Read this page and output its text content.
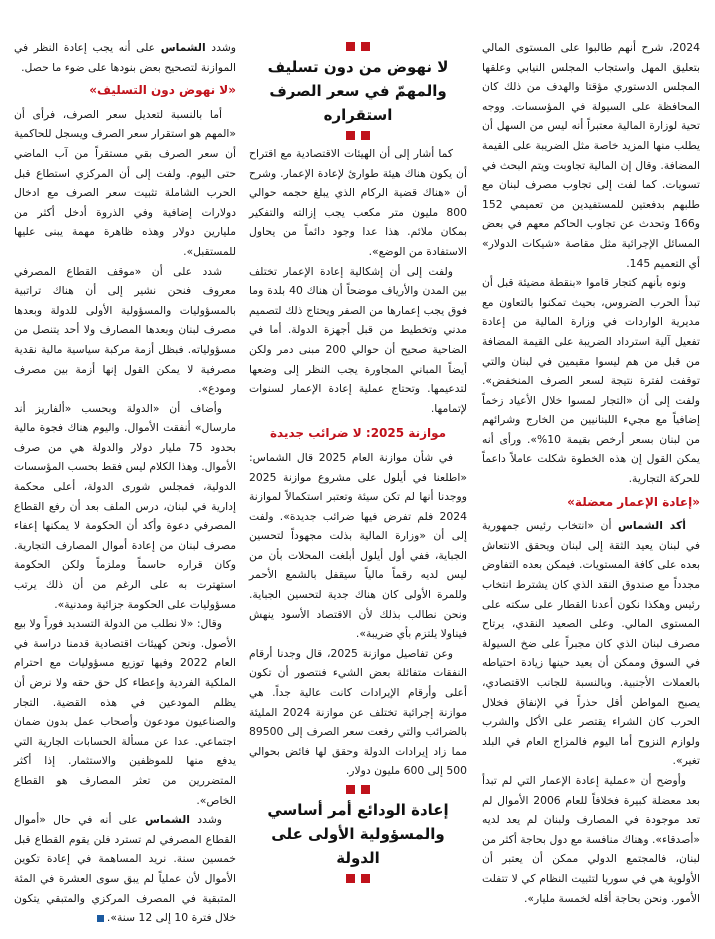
2024، شرح أنهم طالبوا على المستوى المالي بتعليق المهل واستجاب المجلس النيابي وعلقها المجلس الدستوري مؤقتا والهدف من ذلك كان المحافظة على السيولة في المؤسسات. ووجه تحية لوزارة المالية معتبراً أنه ليس من السهل أن يطلب منها المزيد خاصة مثل الضريبة على القيمة المضافة. وقال إن المالية تجاوبت ويتم البحث في تسويات. كما لفت إلى تجاوب مصرف لبنان مع طلبهم بدفعتين للمستفيدين من تعميمي 152 و166 وتحدث عن تجاوب الحاكم معهم في بعض المسائل الإجرائية مثل مقاصة «شيكات الدولار» أي التعميم 145.

ونوه بأنهم كتجار قاموا «بنقطة مضيئة قبل أن تبدأ الحرب الضروس، بحيث تمكنوا بالتعاون مع مديرية الواردات في وزارة المالية من إعادة تفعيل آلية استرداد الضريبة على القيمة المضافة من قبل من هم ليسوا مقيمين في لبنان والتي توقفت لفترة نتيجة لسعر الصرف المنخفض». ولفت إلى أن «التجار لمسوا خلال الأعياد زخماً إضافياً مع مجيء اللبنانيين من الخارج وشرائهم من لبنان بسعر أرخص بقيمة 10%». ورأى أنه يمكن القول إن هذه الخطوة شكلت عاملاً داعماً للحركة التجارية.

«إعادة الإعمار معضلة»

أكد الشماس أن «انتخاب رئيس جمهورية في لبنان يعيد الثقة إلى لبنان ويحقق الانتعاش بعده على كافة المستويات. فيمكن بعده التفاوض مجدداً مع صندوق النقد الذي كان يشترط انتخاب رئيس وهكذا نكون أعدنا القطار على سكته على المستوى المالي. وعلى الصعيد النقدي، يرتاح مصرف لبنان الذي كان مجبراً على ضخ السيولة في السوق وممكن أن يعيد حينها زيادة احتياطه بالعملات الأجنبية. وبالنسبة للجانب الاقتصادي، يصبح المواطن أقل حذراً في الإنفاق فخلال الحرب كان الشراء يقتصر على الأكل والشرب ولوازم النزوح أما اليوم فالمزاج العام في البلد تغير».

وأوضح أن «عملية إعادة الإعمار التي لم تبدأ بعد معضلة كبيرة فخلافاً للعام 2006 الأموال لم تعد موجودة في المصارف ولبنان لم يعد لديه «أصدقاء». وهناك منافسة مع دول بحاجة أكثر من لبنان، فالمجتمع الدولي ممكن أن يعتبر أن الأولوية هي في سوريا لتثبيت النظام كي لا تتفلت الأمور. ونحن بحاجة أقله لخمسة مليار».

لا نهوض من دون تسليف
والمهمّ في سعر الصرف استقراره

كما أشار إلى أن الهيئات الاقتصادية مع اقتراح أن يكون هناك هيئة طوارئ لإعادة الإعمار. وشرح أن «هناك قضية الركام الذي يبلغ حجمه حوالي 800 مليون متر مكعب يجب إزالته والتفكير بمكان ملائم. هذا عدا وجود دائماً من يحاول الاستفادة من الوضع».

ولفت إلى أن إشكالية إعادة الإعمار تختلف بين المدن والأرياف موضحاً أن هناك 40 بلدة وما فوق يجب إعمارها من الصفر ويحتاج ذلك لتصميم مدني وتخطيط من قبل أجهزة الدولة. أما في الضاحية صحيح أن حوالي 200 مبنى دمر ولكن أيضاً المباني المجاورة يجب النظر إلى وضعها لتدعيمها. وتحتاج عملية إعادة الإعمار لسنوات لإتمامها.

موازنة 2025: لا ضرائب جديدة

في شأن موازنة العام 2025 قال الشماس: «اطلعنا في أيلول على مشروع موازنة 2025 ووجدنا أنها لم تكن سيئة وتعتبر استكمالاً لموازنة 2024 فلم تفرض فيها ضرائب جديدة». ولفت إلى أن «وزارة المالية بذلت مجهوداً لتحسين الجباية، ففي أول أيلول أبلغت المحلات بأن من ليس لديه رقماً مالياً سيقفل بالشمع الأحمر وللمرة الأولى كان هناك جدية لتحسين الجباية. ونحن نطالب بذلك لأن الاقتصاد الأسود ينهش فيناولا يلتزم بأي ضريبة».

وعن تفاصيل موازنة 2025، قال وجدنا أرقام النفقات متفائلة بعض الشيء فنتصور أن تكون أعلى وأرقام الإيرادات كانت عالية جداً. هي موازنة إجرائية تختلف عن موازنة 2024 المليئة بالضرائب والتي رفعت سعر الصرف إلى 89500 مما زاد إيرادات الدولة وحقق لها فائض بحوالي 500 إلى 600 مليون دولار.

إعادة الودائع أمر أساسي
والمسؤولية الأولى على الدولة

وشدد الشماس على أنه يجب إعادة النظر في الموازنة لتصحيح بعض بنودها على ضوء ما حصل.

«لا نهوض دون التسليف»

أما بالنسبة لتعديل سعر الصرف، فرأى أن «المهم هو استقرار سعر الصرف ويسجل للحاكمية أن سعر الصرف بقي مستقراً من آب الماضي حتى اليوم. ولفت إلى أن المركزي استطاع قبل الحرب الشاملة تثبيت سعر الصرف مع ادخال دولارات إضافية وفي الذروة أدخل أكثر من مليارين دولار وهذه ظاهرة مهمة يبنى عليها للمستقبل».

شدد على أن «موقف القطاع المصرفي معروف فنحن نشير إلى أن هناك تراتبية بالمسؤوليات والمسؤولية الأولى للدولة وبعدها مصرف لبنان وبعدها المصارف ولا أحد يتنصل من مسؤولياته. فبظل أزمة مركبة سياسية مالية نقدية مصرفية لا يمكن القول إنها أزمة بين مصرف ومودع».

وأضاف أن «الدولة وبحسب «ألفاريز أند مارسال» أنفقت الأموال. واليوم هناك فجوة مالية بحدود 75 مليار دولار والدولة هي من صرف الأموال. وهذا الكلام ليس فقط بحسب المؤسسات الدولية، فمجلس شورى الدولة، أعلى محكمة إدارية في لبنان، درس الملف بعد أن رفع القطاع المصرفي دعوة وأكد أن الحكومة لا يمكنها إعفاء مصرف لبنان من إعادة أموال المصارف التجارية. وكان قراره حاسماً وملزماً ولكن الحكومة استهترت به على الرغم من أن ذلك يرتب مسؤوليات على الحكومة جزائية ومدنية».

وقال: «لا نطلب من الدولة التسديد فوراً ولا بيع الأصول. ونحن كهيئات اقتصادية قدمنا دراسة في العام 2022 وفيها توزيع مسؤوليات مع احترام الملكية الفردية وإعطاء كل حق حقه ولا نرض أن يظلم المودعين في هذه القضية. التجار والصناعيون مودعون وأصحاب عمل بدون ضمان اجتماعي. عدا عن مسألة الحسابات الجارية التي يدفع منها للموظفين والاستثمار. إذا أكثر المتضررين من تعثر المصارف هو القطاع الخاص».

وشدد الشماس على أنه في حال «أموال القطاع المصرفي لم تسترد فلن يقوم القطاع قبل خمسين سنة. نريد المساهمة في إعادة تكوين الأموال لأن عملياً لم يبق سوى العشرة في المئة المتبقية في المصرف المركزي والمتبقي يتكون خلال فترة 10 إلى 12 سنة».
